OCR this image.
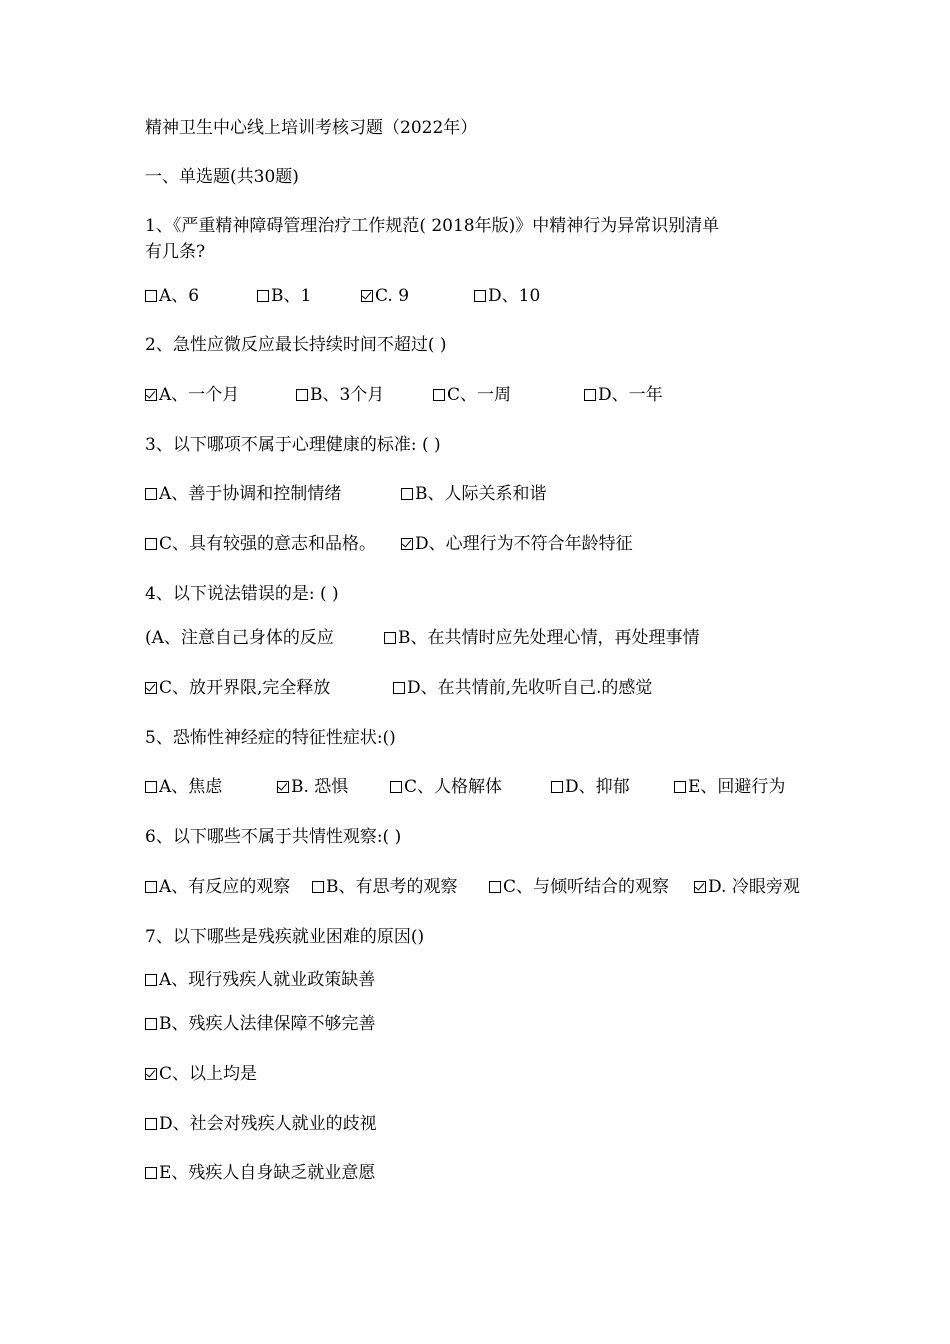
精神卫生中心线上培训考核习题（2022年）
一、单选题(共30题)
1、《严重精神障碍管理治疗工作规范( 2018年版)》中精神行为异常识别清单
有几条?
A、6	B、1	C. 9	D、10
2、急性应微反应最长持续时间不超过( )
A、一个月	B、3个月	C、一周	D、一年
3、以下哪项不属于心理健康的标准: ( )
A、善于协调和控制情绪	B、人际关系和谐
C、具有较强的意志和品格。	D、心理行为不符合年龄特征
4、以下说法错误的是: ( )
(A、注意自己身体的反应	B、在共情时应先处理心情，再处理事情
C、放开界限,完全释放	D、在共情前,先收听自己.的感觉
5、恐怖性神经症的特征性症状:()
A、焦虑	B. 恐惧	C、人格解体	D、抑郁	E、回避行为
6、以下哪些不属于共情性观察:( )
A、有反应的观察	B、有思考的观察	C、与倾听结合的观察	D. 冷眼旁观
7、以下哪些是残疾就业困难的原因()
A、现行残疾人就业政策缺善
B、残疾人法律保障不够完善
C、以上均是
D、社会对残疾人就业的歧视
E、残疾人自身缺乏就业意愿
